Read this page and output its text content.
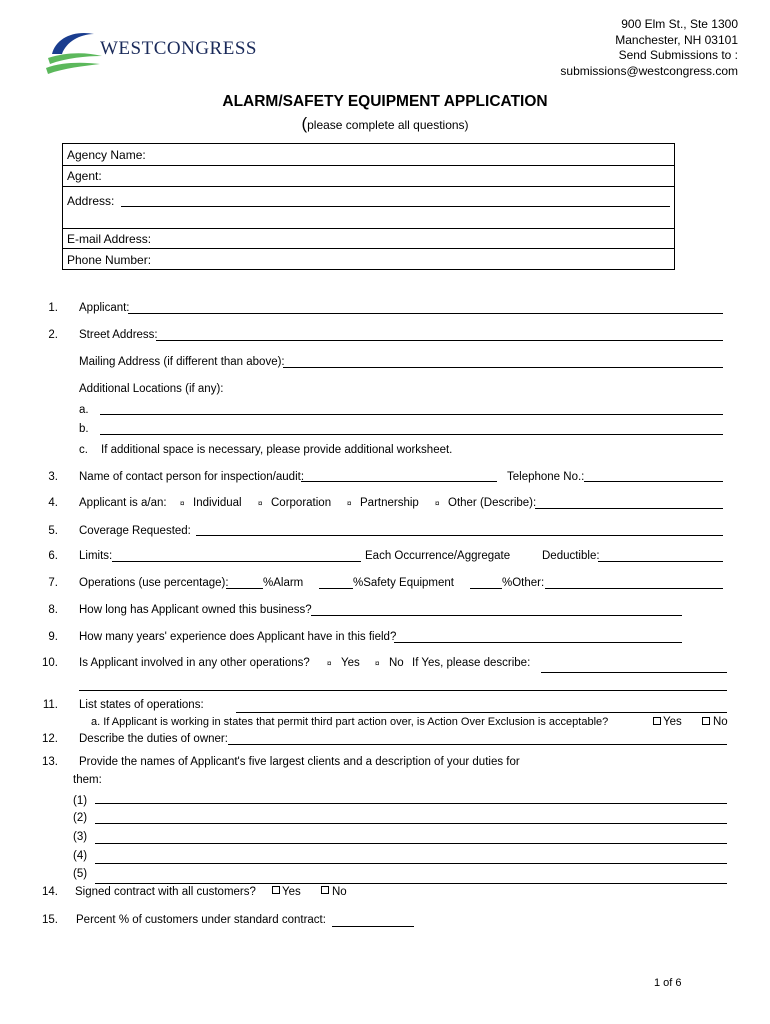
WESTCONGRESS
900 Elm St., Ste 1300
Manchester, NH 03101
Send Submissions to :
submissions@westcongress.com
ALARM/SAFETY EQUIPMENT APPLICATION
(please complete all questions)
Agency Name:
Agent:
Address:
E-mail Address:
Phone Number:
1. Applicant:
2. Street Address:
Mailing Address (if different than above):
Additional Locations (if any):
a.
b.
c. If additional space is necessary, please provide additional worksheet.
3. Name of contact person for inspection/audit:	Telephone No.:
4. Applicant is a/an: ¤ Individual ¤ Corporation ¤ Partnership ¤ Other (Describe):
5. Coverage Requested:
6. Limits:	Each Occurrence/Aggregate	Deductible:
7. Operations (use percentage):	%Alarm	%Safety Equipment	%Other:
8. How long has Applicant owned this business?
9. How many years' experience does Applicant have in this field?
10. Is Applicant involved in any other operations? ¤ Yes ¤ No If Yes, please describe:
11. List states of operations:
a. If Applicant is working in states that permit third part action over, is Action Over Exclusion is acceptable?	Yes	No
12. Describe the duties of owner:
13. Provide the names of Applicant's five largest clients and a description of your duties for
them:
(1)
(2)
(3)
(4)
(5)
14. Signed contract with all customers? Yes	No
15. Percent % of customers under standard contract:
1 of 6
